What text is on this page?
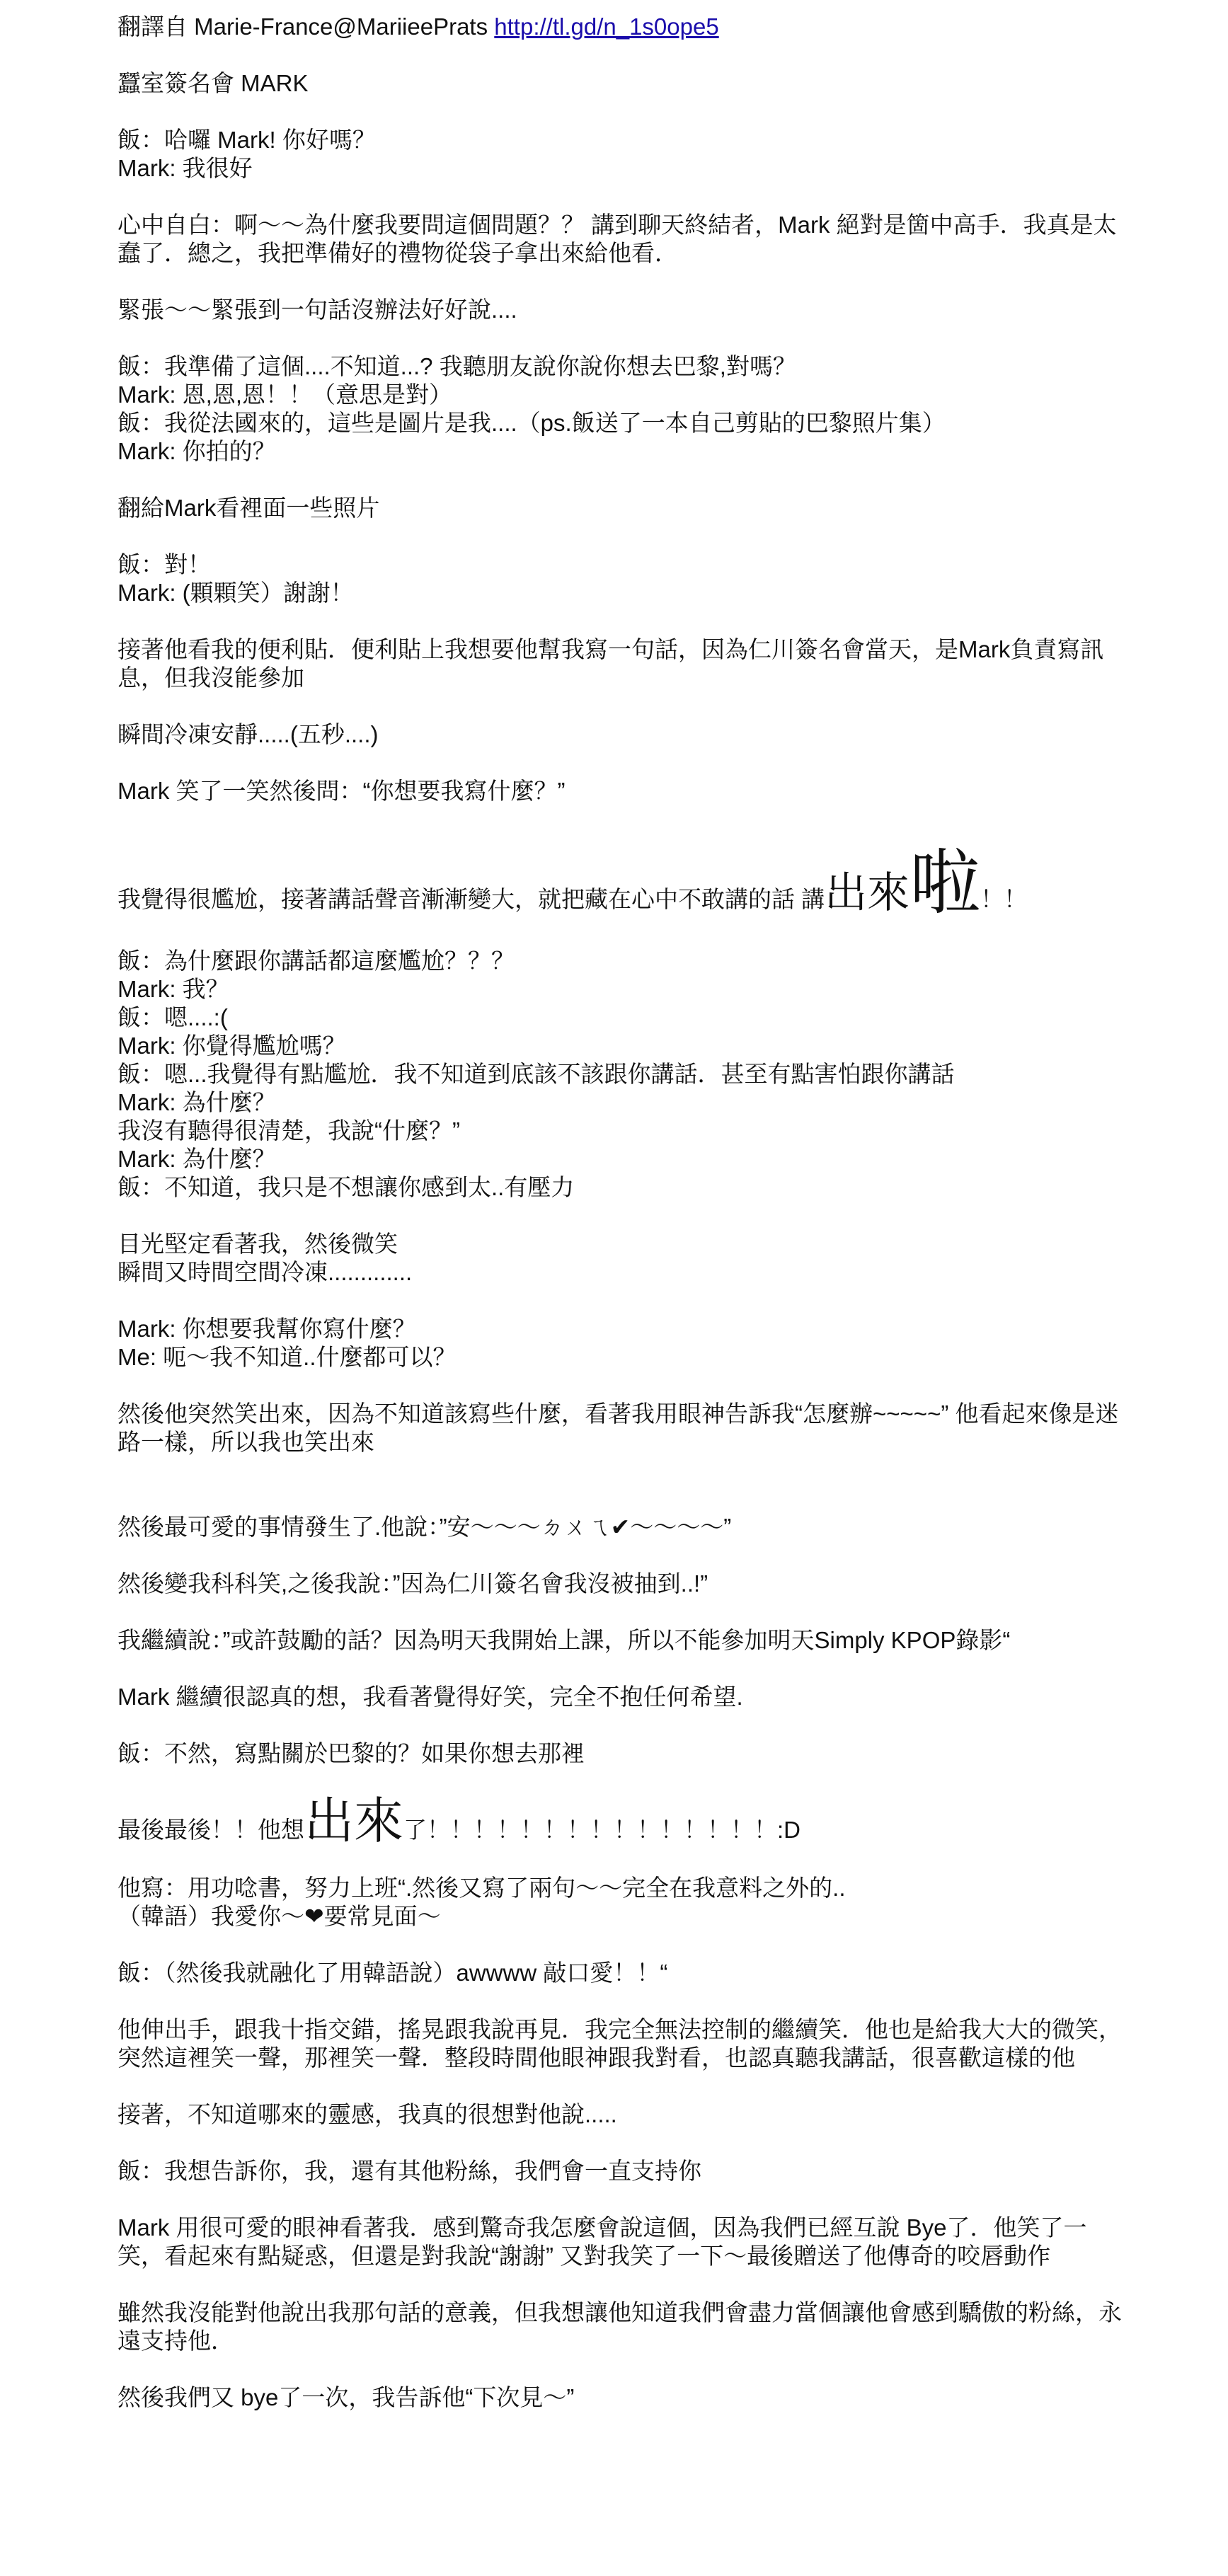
翻譯自 Marie-France@MariieePrats http://tl.gd/n_1s0ope5
蠶室簽名會 MARK
飯：哈囉 Mark! 你好嗎？
Mark: 我很好
心中自白：啊～～為什麼我要問這個問題？？ 講到聊天終結者，Mark 絕對是箇中高手．我真是太蠢了．總之，我把準備好的禮物從袋子拿出來給他看．
緊張～～緊張到一句話沒辦法好好說....
飯：我準備了這個....不知道...? 我聽朋友說你說你想去巴黎,對嗎？
Mark: 恩,恩,恩！！（意思是對）
飯：我從法國來的，這些是圖片是我....（ps.飯送了一本自己剪貼的巴黎照片集）
Mark: 你拍的？
翻給Mark看裡面一些照片
飯：對！
Mark: (顆顆笑）謝謝！
接著他看我的便利貼．便利貼上我想要他幫我寫一句話，因為仁川簽名會當天，是Mark負責寫訊息，但我沒能參加
瞬間冷凍安靜.....(五秒....)
Mark 笑了一笑然後問：“你想要我寫什麼？”
我覺得很尷尬，接著講話聲音漸漸變大，就把藏在心中不敢講的話 講出來啦！！
飯：為什麼跟你講話都這麼尷尬？？？
Mark: 我？
飯：嗯....:(
Mark: 你覺得尷尬嗎？
飯：嗯...我覺得有點尷尬．我不知道到底該不該跟你講話．甚至有點害怕跟你講話
Mark: 為什麼？
我沒有聽得很清楚，我說“什麼？”
Mark: 為什麼？
飯：不知道，我只是不想讓你感到太..有壓力
目光堅定看著我，然後微笑
瞬間又時間空間冷凍.............
Mark: 你想要我幫你寫什麼？
Me: 呃～我不知道..什麼都可以？
然後他突然笑出來，因為不知道該寫些什麼，看著我用眼神告訴我“怎麼辦~~~~~” 他看起來像是迷路一樣，所以我也笑出來
然後最可愛的事情發生了.他說：”安～～～ㄉㄨㄟ✔～～～～”
然後變我科科笑,之後我說：”因為仁川簽名會我沒被抽到..!”
我繼續說：”或許鼓勵的話？因為明天我開始上課，所以不能參加明天Simply KPOP錄影“
Mark 繼續很認真的想，我看著覺得好笑，完全不抱任何希望.
飯：不然，寫點關於巴黎的？如果你想去那裡
最後最後！！他想出來了！！！！！！！！！！！！！！！:D
他寫：用功唸書，努力上班“.然後又寫了兩句～～完全在我意料之外的..
（韓語）我愛你～❤要常見面～
飯：（然後我就融化了用韓語說）awwww 敲口愛！！“
他伸出手，跟我十指交錯，搖晃跟我說再見．我完全無法控制的繼續笑．他也是給我大大的微笑，突然這裡笑一聲，那裡笑一聲．整段時間他眼神跟我對看，也認真聽我講話，很喜歡這樣的他
接著，不知道哪來的靈感，我真的很想對他說.....
飯：我想告訴你，我，還有其他粉絲，我們會一直支持你
Mark 用很可愛的眼神看著我．感到驚奇我怎麼會說這個，因為我們已經互說 Bye了．他笑了一笑，看起來有點疑惑，但還是對我說“謝謝” 又對我笑了一下～最後贈送了他傳奇的咬唇動作
雖然我沒能對他說出我那句話的意義，但我想讓他知道我們會盡力當個讓他會感到驕傲的粉絲，永遠支持他．
然後我們又 bye了一次，我告訴他“下次見～”
